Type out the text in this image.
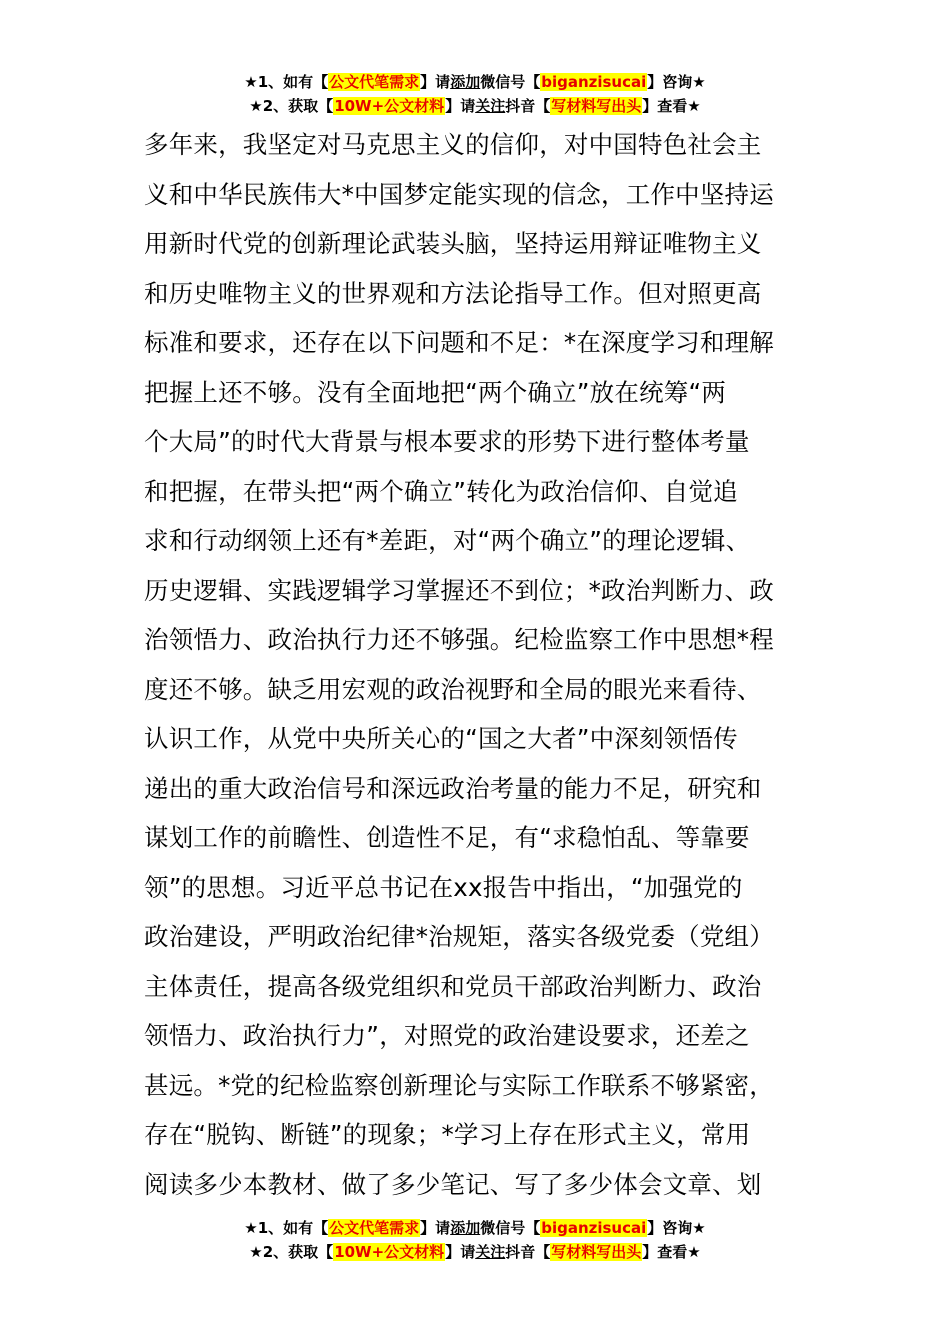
★1、如有【公文代笔需求】请添加微信号【biganzisucai】咨询★
★2、获取【10W+公文材料】请关注抖音【写材料写出头】查看★
多年来，我坚定对马克思主义的信仰，对中国特色社会主
义和中华民族伟大*中国梦定能实现的信念，工作中坚持运
用新时代党的创新理论武装头脑，坚持运用辩证唯物主义
和历史唯物主义的世界观和方法论指导工作。但对照更高
标准和要求，还存在以下问题和不足：*在深度学习和理解
把握上还不够。没有全面地把“两个确立”放在统筹“两
个大局”的时代大背景与根本要求的形势下进行整体考量
和把握，在带头把“两个确立”转化为政治信仰、自觉追
求和行动纲领上还有*差距，对“两个确立”的理论逻辑、
历史逻辑、实践逻辑学习掌握还不到位；*政治判断力、政
治领悟力、政治执行力还不够强。纪检监察工作中思想*程
度还不够。缺乏用宏观的政治视野和全局的眼光来看待、
认识工作，从党中央所关心的“国之大者”中深刻领悟传
递出的重大政治信号和深远政治考量的能力不足，研究和
谋划工作的前瞻性、创造性不足，有“求稳怕乱、等靠要
领”的思想。习近平总书记在xx报告中指出，“加强党的
政治建设，严明政治纪律*治规矩，落实各级党委（党组）
主体责任，提高各级党组织和党员干部政治判断力、政治
领悟力、政治执行力”，对照党的政治建设要求，还差之
甚远。*党的纪检监察创新理论与实际工作联系不够紧密，
存在“脱钩、断链”的现象；*学习上存在形式主义，常用
阅读多少本教材、做了多少笔记、写了多少体会文章、划
★1、如有【公文代笔需求】请添加微信号【biganzisucai】咨询★
★2、获取【10W+公文材料】请关注抖音【写材料写出头】查看★
